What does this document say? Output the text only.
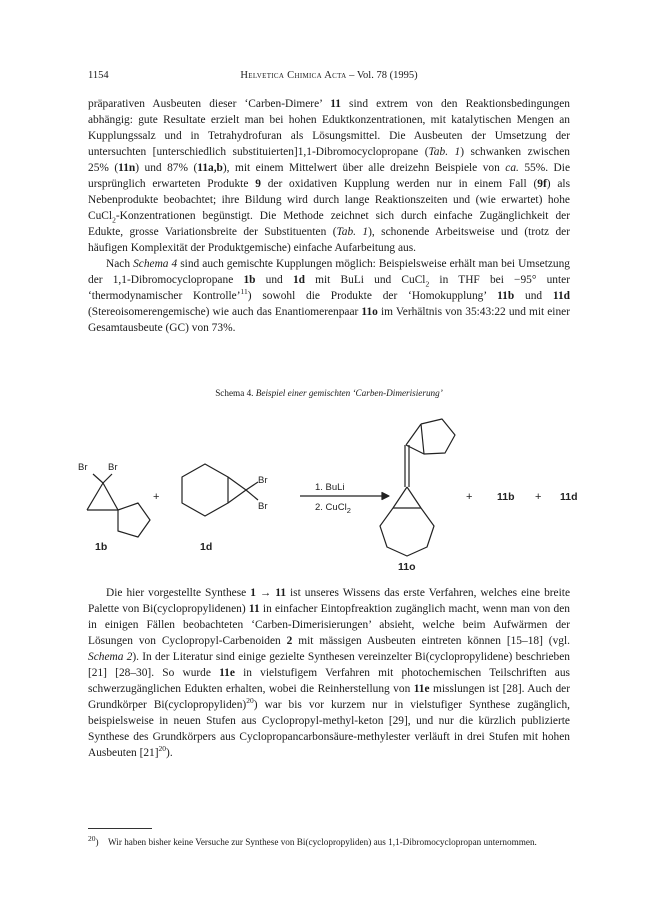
1154	Helvetica Chimica Acta – Vol. 78 (1995)

präparativen Ausbeuten dieser ‘Carben-Dimere’ 11 sind extrem von den Reaktionsbedingungen abhängig: gute Resultate erzielt man bei hohen Eduktkonzentrationen, mit katalytischen Mengen an Kupplungssalz und in Tetrahydrofuran als Lösungsmittel. Die Ausbeuten der Umsetzung der untersuchten [unterschiedlich substituierten]1,1-Dibromocyclopropane (Tab. 1) schwanken zwischen 25% (11n) und 87% (11a,b), mit einem Mittelwert über alle dreizehn Beispiele von ca. 55%. Die ursprünglich erwarteten Produkte 9 der oxidativen Kupplung werden nur in einem Fall (9f) als Nebenprodukte beobachtet; ihre Bildung wird durch lange Reaktionszeiten und (wie erwartet) hohe CuCl$_2$-Konzentrationen begünstigt. Die Methode zeichnet sich durch einfache Zugänglichkeit der Edukte, grosse Variationsbreite der Substituenten (Tab. 1), schonende Arbeitsweise und (trotz der häufigen Komplexität der Produktgemische) einfache Aufarbeitung aus.

Nach Schema 4 sind auch gemischte Kupplungen möglich: Beispielsweise erhält man bei Umsetzung der 1,1-Dibromocyclopropane 1b und 1d mit BuLi und CuCl$_2$ in THF bei −95° unter ‘thermodynamischer Kontrolle’$^{11}$) sowohl die Produkte der ‘Homokupplung’ 11b und 11d (Stereoisomerengemische) wie auch das Enantiomerenpaar 11o im Verhältnis von 35:43:22 und mit einer Gesamtausbeute (GC) von 73%.

Schema 4. Beispiel einer gemischten ‘Carben-Dimerisierung’
Br Br
Br
Br
1. BuLi
2. CuCl$_2$
+	+	+
1b	1d
11o
11b	11d

Die hier vorgestellte Synthese 1 → 11 ist unseres Wissens das erste Verfahren, welches eine breite Palette von Bi(cyclopropylidenen) 11 in einfacher Eintopfreaktion zugänglich macht, wenn man von den in einigen Fällen beobachteten ‘Carben-Dimerisierungen’ absieht, welche beim Aufwärmen der Lösungen von Cyclopropyl-Carbenoiden 2 mit mässigen Ausbeuten eintreten können [15–18] (vgl. Schema 2). In der Literatur sind einige gezielte Synthesen vereinzelter Bi(cyclopropylidene) beschrieben [21] [28–30]. So wurde 11e in vielstufigem Verfahren mit photochemischen Teilschriften aus schwerzugänglichen Edukten erhalten, wobei die Reinherstellung von 11e misslungen ist [28]. Auch der Grundkörper Bi(cyclopropyliden)$^{20}$) war bis vor kurzem nur in vielstufiger Synthese zugänglich, beispielsweise in neuen Stufen aus Cyclopropyl-methyl-keton [29], und nur die kürzlich publizierte Synthese des Grundkörpers aus Cyclopropancarbonsäure-methylester verläuft in drei Stufen mit hohen Ausbeuten $[21]^{20}$).

$^{20}$) Wir haben bisher keine Versuche zur Synthese von Bi(cyclopropyliden) aus 1,1-Dibromocyclopropan unternommen.
